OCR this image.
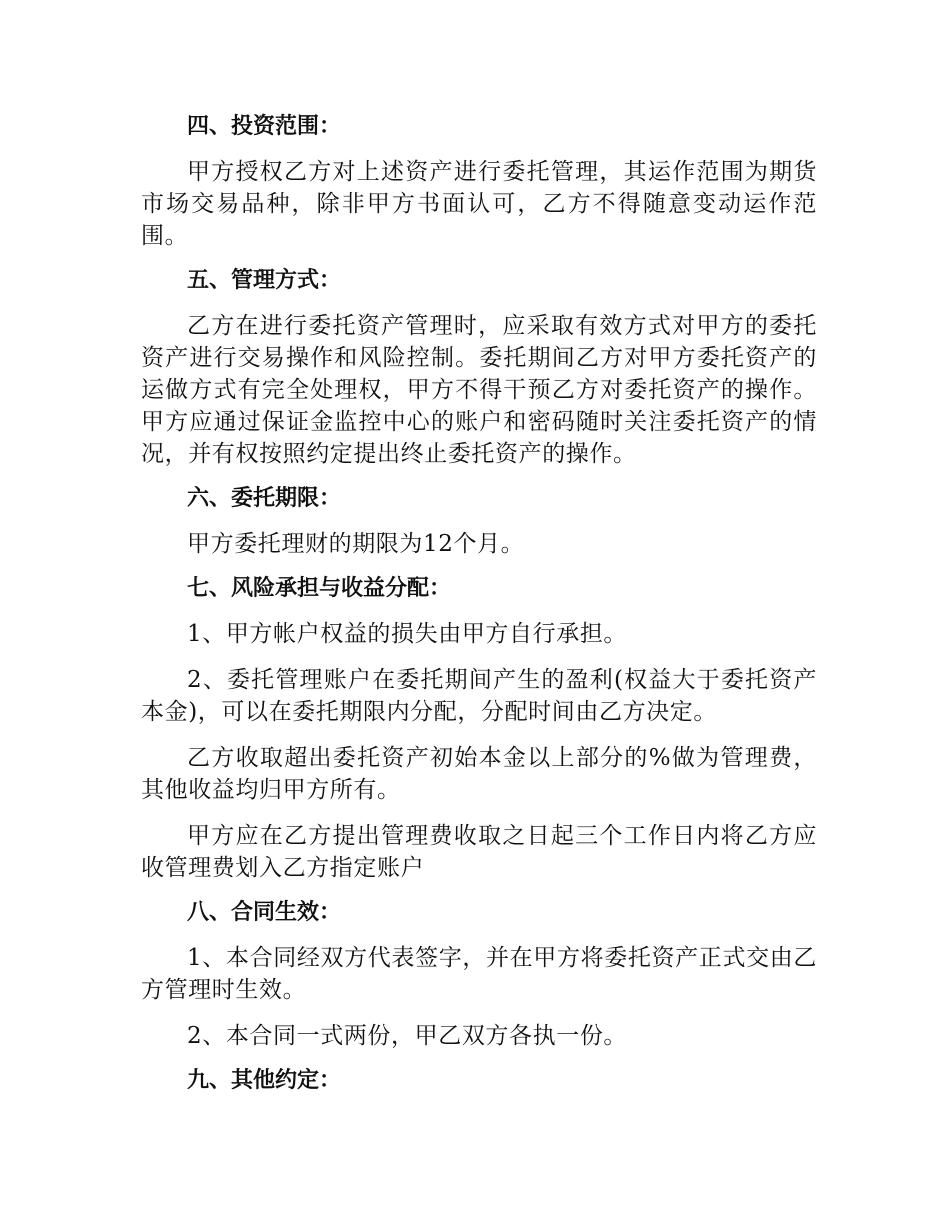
四、投资范围：

甲方授权乙方对上述资产进行委托管理，其运作范围为期货市场交易品种，除非甲方书面认可，乙方不得随意变动运作范围。

五、管理方式：

乙方在进行委托资产管理时，应采取有效方式对甲方的委托资产进行交易操作和风险控制。委托期间乙方对甲方委托资产的运做方式有完全处理权，甲方不得干预乙方对委托资产的操作。甲方应通过保证金监控中心的账户和密码随时关注委托资产的情况，并有权按照约定提出终止委托资产的操作。

六、委托期限：

甲方委托理财的期限为12个月。

七、风险承担与收益分配：

1、甲方帐户权益的损失由甲方自行承担。

2、委托管理账户在委托期间产生的盈利(权益大于委托资产本金)，可以在委托期限内分配，分配时间由乙方决定。

乙方收取超出委托资产初始本金以上部分的%做为管理费，其他收益均归甲方所有。

甲方应在乙方提出管理费收取之日起三个工作日内将乙方应收管理费划入乙方指定账户

八、合同生效：

1、本合同经双方代表签字，并在甲方将委托资产正式交由乙方管理时生效。

2、本合同一式两份，甲乙双方各执一份。

九、其他约定：
